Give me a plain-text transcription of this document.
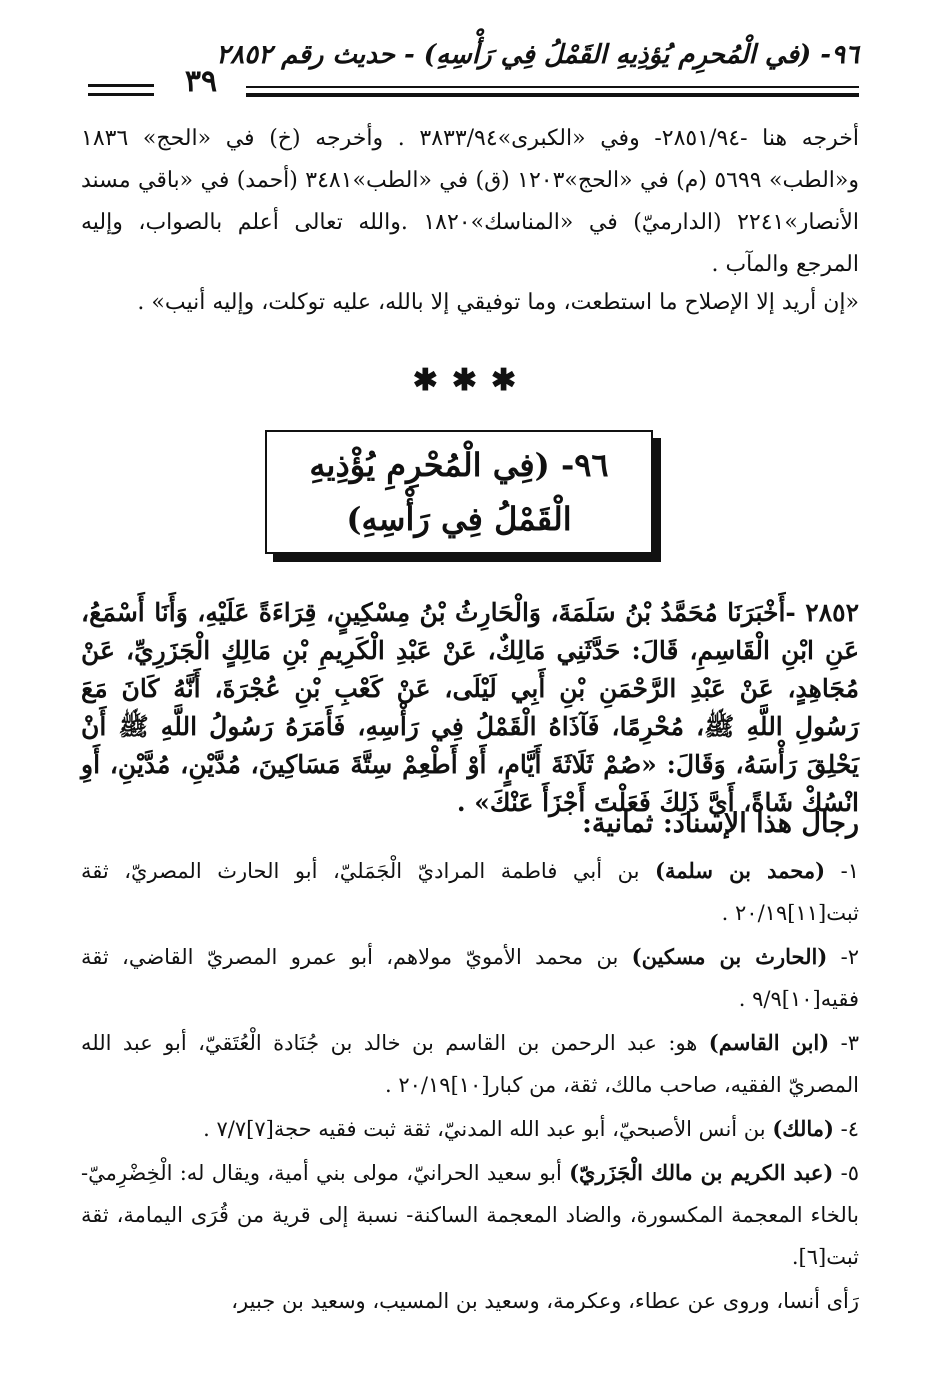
٩٦- (في الْمُحرِم يُؤذِيهِ القَمْلُ فِي رَأْسِهِ) - حديث رقم ٢٨٥٢
٣٩

أخرجه هنا -٢٨٥١/٩٤- وفي «الكبرى»٣٨٣٣/٩٤ . وأخرجه (خ) في «الحج» ١٨٣٦ و«الطب» ٥٦٩٩ (م) في «الحج»١٢٠٣ (ق) في «الطب»٣٤٨١ (أحمد) في «باقي مسند الأنصار»٢٢٤١ (الدارميّ) في «المناسك»١٨٢٠ .والله تعالى أعلم بالصواب، وإليه المرجع والمآب .

«إن أريد إلا الإصلاح ما استطعت، وما توفيقي إلا بالله، عليه توكلت، وإليه أنيب» .

✱✱✱
٩٦- (فِي الْمُحْرِمِ يُؤْذِيهِ الْقَمْلُ فِي رَأْسِهِ)
٢٨٥٢ -أَخْبَرَنَا مُحَمَّدُ بْنُ سَلَمَةَ، وَالْحَارِثُ بْنُ مِسْكِينٍ، قِرَاءَةً عَلَيْهِ، وَأَنَا أَسْمَعُ، عَنِ ابْنِ الْقَاسِمِ، قَالَ: حَدَّثَنِي مَالِكٌ، عَنْ عَبْدِ الْكَرِيمِ بْنِ مَالِكٍ الْجَزَرِيِّ، عَنْ مُجَاهِدٍ، عَنْ عَبْدِ الرَّحْمَنِ بْنِ أَبِي لَيْلَى، عَنْ كَعْبِ بْنِ عُجْرَةَ، أَنَّهُ كَانَ مَعَ رَسُولِ اللَّهِ ﷺ، مُحْرِمًا، فَآذَاهُ الْقَمْلُ فِي رَأْسِهِ، فَأَمَرَهُ رَسُولُ اللَّهِ ﷺ أَنْ يَحْلِقَ رَأْسَهُ، وَقَالَ: «صُمْ ثَلَاثَةَ أَيَّامٍ، أَوْ أَطْعِمْ سِتَّةَ مَسَاكِينَ، مُدَّيْنِ، مُدَّيْنِ، أَوِ انْسُكْ شَاةً، أَيَّ ذَلِكَ فَعَلْتَ أَجْزَأَ عَنْكَ» .
رجال هذا الإسناد: ثمانية:

١- (محمد بن سلمة) بن أبي فاطمة المراديّ الْجَمَليّ، أبو الحارث المصريّ، ثقة ثبت[١١]٢٠/١٩ .

٢- (الحارث بن مسكين) بن محمد الأمويّ مولاهم، أبو عمرو المصريّ القاضي، ثقة فقيه[١٠]٩/٩ .

٣- (ابن القاسم) هو: عبد الرحمن بن القاسم بن خالد بن جُنَادة الْعُتَقيّ، أبو عبد الله المصريّ الفقيه، صاحب مالك، ثقة، من كبار[١٠]٢٠/١٩ .

٤- (مالك) بن أنس الأصبحيّ، أبو عبد الله المدنيّ، ثقة ثبت فقيه حجة[٧]٧/٧ .

٥- (عبد الكريم بن مالك الْجَزَريّ) أبو سعيد الحرانيّ، مولى بني أمية، ويقال له: الْخِضْرِميّ- بالخاء المعجمة المكسورة، والضاد المعجمة الساكنة- نسبة إلى قرية من قُرَى اليمامة، ثقة ثبت[٦].

رَأى أنسا، وروى عن عطاء، وعكرمة، وسعيد بن المسيب، وسعيد بن جبير،
